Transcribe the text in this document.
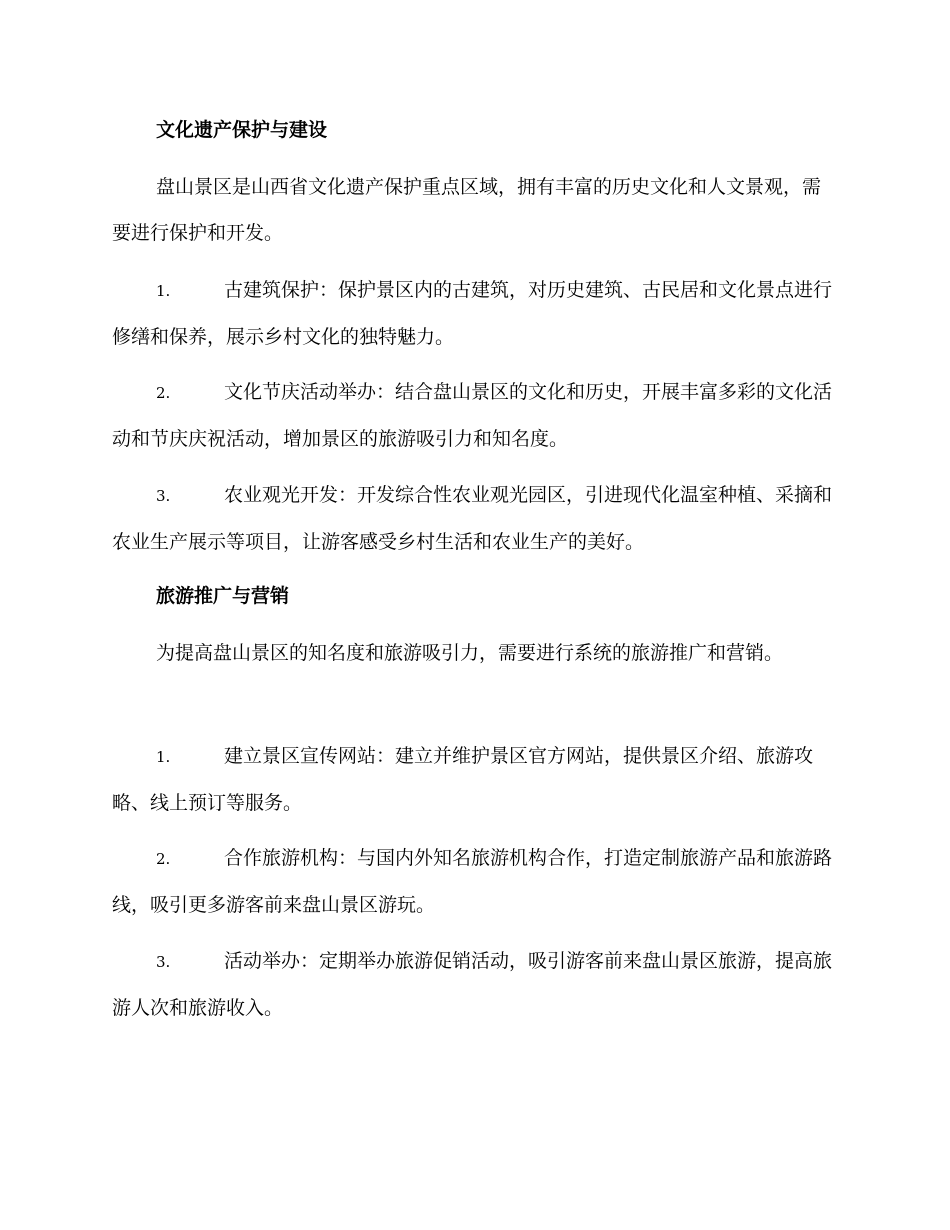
文化遗产保护与建设

盘山景区是山西省文化遗产保护重点区域，拥有丰富的历史文化和人文景观，需要进行保护和开发。

1.	古建筑保护：保护景区内的古建筑，对历史建筑、古民居和文化景点进行修缮和保养，展示乡村文化的独特魅力。

2.	文化节庆活动举办：结合盘山景区的文化和历史，开展丰富多彩的文化活动和节庆庆祝活动，增加景区的旅游吸引力和知名度。

3.	农业观光开发：开发综合性农业观光园区，引进现代化温室种植、采摘和农业生产展示等项目，让游客感受乡村生活和农业生产的美好。

旅游推广与营销

为提高盘山景区的知名度和旅游吸引力，需要进行系统的旅游推广和营销。

1.	建立景区宣传网站：建立并维护景区官方网站，提供景区介绍、旅游攻略、线上预订等服务。

2.	合作旅游机构：与国内外知名旅游机构合作，打造定制旅游产品和旅游路线，吸引更多游客前来盘山景区游玩。

3.	活动举办：定期举办旅游促销活动，吸引游客前来盘山景区旅游，提高旅游人次和旅游收入。
